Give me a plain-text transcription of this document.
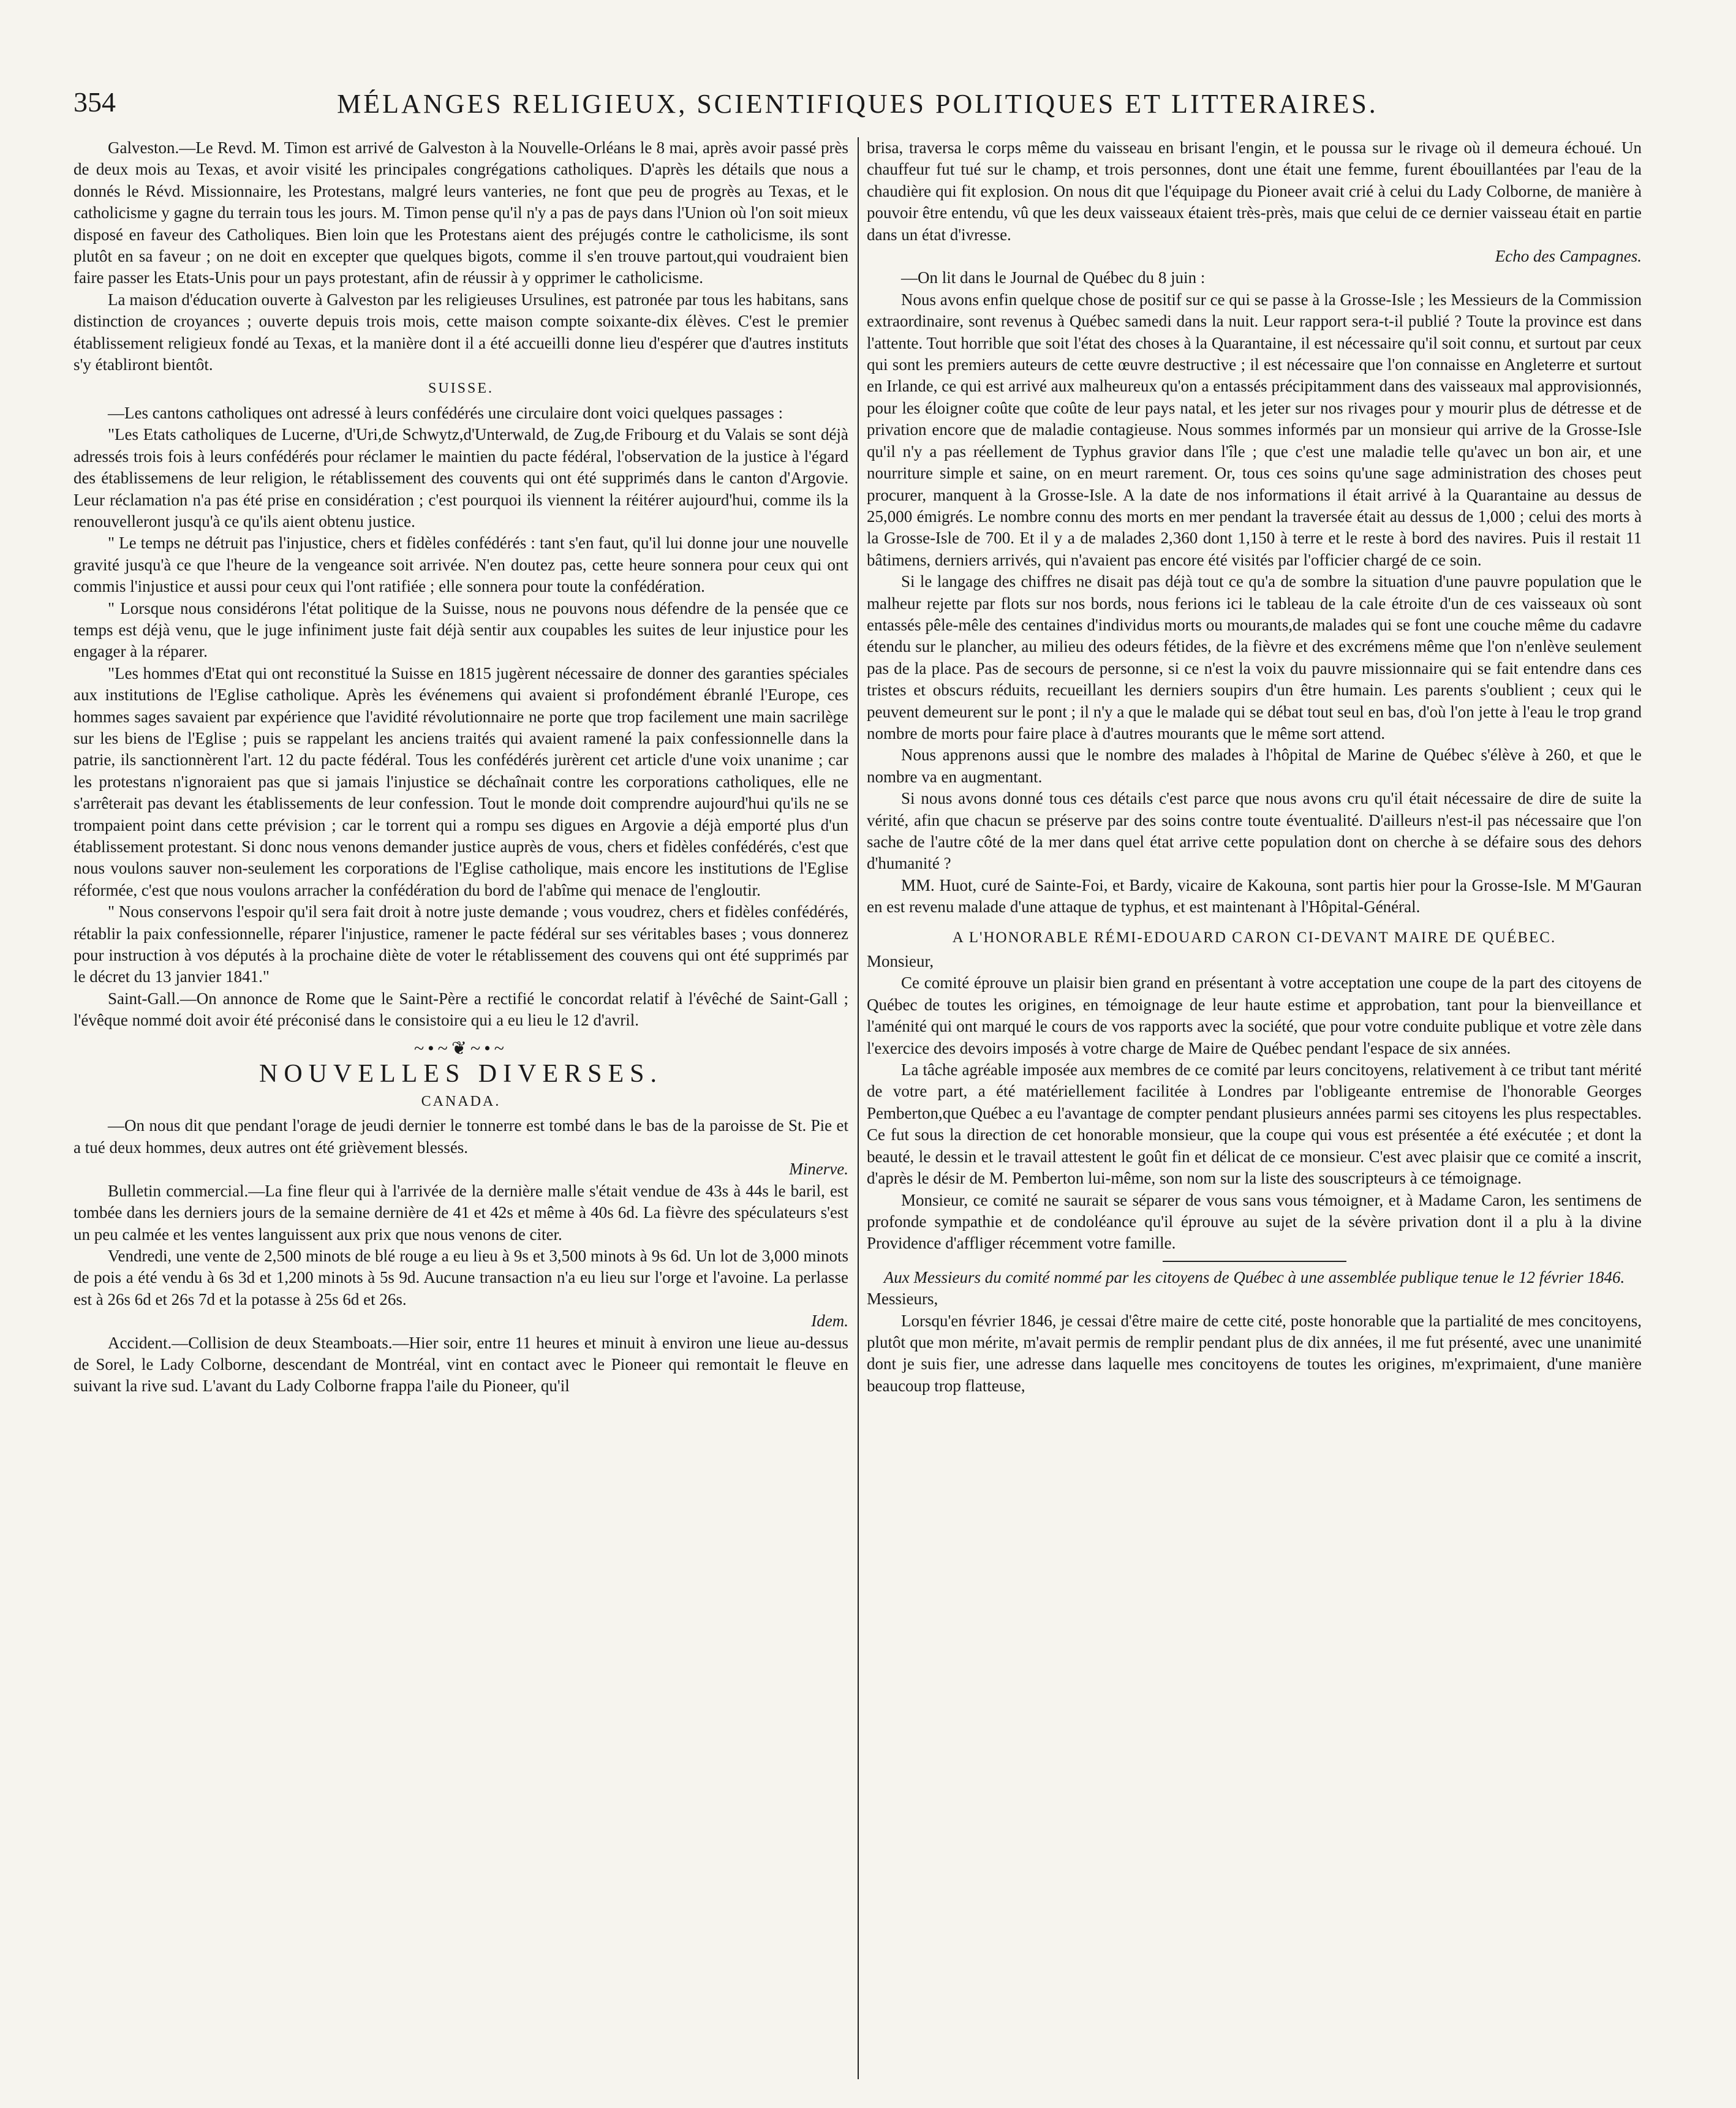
354	MÉLANGES RELIGIEUX, SCIENTIFIQUES POLITIQUES ET LITTERAIRES.

Galveston.—Le Revd. M. Timon est arrivé de Galveston à la Nouvelle-Orléans le 8 mai, après avoir passé près de deux mois au Texas, et avoir visité les principales congrégations catholiques. D'après les détails que nous a donnés le Révd. Missionnaire, les Protestans, malgré leurs vanteries, ne font que peu de progrès au Texas, et le catholicisme y gagne du terrain tous les jours. M. Timon pense qu'il n'y a pas de pays dans l'Union où l'on soit mieux disposé en faveur des Catholiques. Bien loin que les Protestans aient des préjugés contre le catholicisme, ils sont plutôt en sa faveur ; on ne doit en excepter que quelques bigots, comme il s'en trouve partout,qui voudraient bien faire passer les Etats-Unis pour un pays protestant, afin de réussir à y opprimer le catholicisme.

La maison d'éducation ouverte à Galveston par les religieuses Ursulines, est patronée par tous les habitans, sans distinction de croyances ; ouverte depuis trois mois, cette maison compte soixante-dix élèves. C'est le premier établissement religieux fondé au Texas, et la manière dont il a été accueilli donne lieu d'espérer que d'autres instituts s'y établiront bientôt.

SUISSE.

—Les cantons catholiques ont adressé à leurs confédérés une circulaire dont voici quelques passages :

"Les Etats catholiques de Lucerne, d'Uri,de Schwytz,d'Unterwald, de Zug,de Fribourg et du Valais se sont déjà adressés trois fois à leurs confédérés pour réclamer le maintien du pacte fédéral, l'observation de la justice à l'égard des établissemens de leur religion, le rétablissement des couvents qui ont été supprimés dans le canton d'Argovie. Leur réclamation n'a pas été prise en considération ; c'est pourquoi ils viennent la réitérer aujourd'hui, comme ils la renouvelleront jusqu'à ce qu'ils aient obtenu justice.

" Le temps ne détruit pas l'injustice, chers et fidèles confédérés : tant s'en faut, qu'il lui donne jour une nouvelle gravité jusqu'à ce que l'heure de la vengeance soit arrivée. N'en doutez pas, cette heure sonnera pour ceux qui ont commis l'injustice et aussi pour ceux qui l'ont ratifiée ; elle sonnera pour toute la confédération.

" Lorsque nous considérons l'état politique de la Suisse, nous ne pouvons nous défendre de la pensée que ce temps est déjà venu, que le juge infiniment juste fait déjà sentir aux coupables les suites de leur injustice pour les engager à la réparer.

"Les hommes d'Etat qui ont reconstitué la Suisse en 1815 jugèrent nécessaire de donner des garanties spéciales aux institutions de l'Eglise catholique. Après les événemens qui avaient si profondément ébranlé l'Europe, ces hommes sages savaient par expérience que l'avidité révolutionnaire ne porte que trop facilement une main sacrilège sur les biens de l'Eglise ; puis se rappelant les anciens traités qui avaient ramené la paix confessionnelle dans la patrie, ils sanctionnèrent l'art. 12 du pacte fédéral. Tous les confédérés jurèrent cet article d'une voix unanime ; car les protestans n'ignoraient pas que si jamais l'injustice se déchaînait contre les corporations catholiques, elle ne s'arrêterait pas devant les établissements de leur confession. Tout le monde doit comprendre aujourd'hui qu'ils ne se trompaient point dans cette prévision ; car le torrent qui a rompu ses digues en Argovie a déjà emporté plus d'un établissement protestant. Si donc nous venons demander justice auprès de vous, chers et fidèles confédérés, c'est que nous voulons sauver non-seulement les corporations de l'Eglise catholique, mais encore les institutions de l'Eglise réformée, c'est que nous voulons arracher la confédération du bord de l'abîme qui menace de l'engloutir.

" Nous conservons l'espoir qu'il sera fait droit à notre juste demande ; vous voudrez, chers et fidèles confédérés, rétablir la paix confessionnelle, réparer l'injustice, ramener le pacte fédéral sur ses véritables bases ; vous donnerez pour instruction à vos députés à la prochaine diète de voter le rétablissement des couvens qui ont été supprimés par le décret du 13 janvier 1841."

Saint-Gall.—On annonce de Rome que le Saint-Père a rectifié le concordat relatif à l'évêché de Saint-Gall ; l'évêque nommé doit avoir été préconisé dans le consistoire qui a eu lieu le 12 d'avril.

~•~❦~•~
NOUVELLES DIVERSES.
CANADA.

—On nous dit que pendant l'orage de jeudi dernier le tonnerre est tombé dans le bas de la paroisse de St. Pie et a tué deux hommes, deux autres ont été grièvement blessés.

Minerve.

Bulletin commercial.—La fine fleur qui à l'arrivée de la dernière malle s'était vendue de 43s à 44s le baril, est tombée dans les derniers jours de la semaine dernière de 41 et 42s et même à 40s 6d. La fièvre des spéculateurs s'est un peu calmée et les ventes languissent aux prix que nous venons de citer.

Vendredi, une vente de 2,500 minots de blé rouge a eu lieu à 9s et 3,500 minots à 9s 6d. Un lot de 3,000 minots de pois a été vendu à 6s 3d et 1,200 minots à 5s 9d. Aucune transaction n'a eu lieu sur l'orge et l'avoine. La perlasse est à 26s 6d et 26s 7d et la potasse à 25s 6d et 26s.

Idem.

Accident.—Collision de deux Steamboats.—Hier soir, entre 11 heures et minuit à environ une lieue au-dessus de Sorel, le Lady Colborne, descendant de Montréal, vint en contact avec le Pioneer qui remontait le fleuve en suivant la rive sud. L'avant du Lady Colborne frappa l'aile du Pioneer, qu'il

brisa, traversa le corps même du vaisseau en brisant l'engin, et le poussa sur le rivage où il demeura échoué. Un chauffeur fut tué sur le champ, et trois personnes, dont une était une femme, furent ébouillantées par l'eau de la chaudière qui fit explosion. On nous dit que l'équipage du Pioneer avait crié à celui du Lady Colborne, de manière à pouvoir être entendu, vû que les deux vaisseaux étaient très-près, mais que celui de ce dernier vaisseau était en partie dans un état d'ivresse.

Echo des Campagnes.

—On lit dans le Journal de Québec du 8 juin :

Nous avons enfin quelque chose de positif sur ce qui se passe à la Grosse-Isle ; les Messieurs de la Commission extraordinaire, sont revenus à Québec samedi dans la nuit. Leur rapport sera-t-il publié ? Toute la province est dans l'attente. Tout horrible que soit l'état des choses à la Quarantaine, il est nécessaire qu'il soit connu, et surtout par ceux qui sont les premiers auteurs de cette œuvre destructive ; il est nécessaire que l'on connaisse en Angleterre et surtout en Irlande, ce qui est arrivé aux malheureux qu'on a entassés précipitamment dans des vaisseaux mal approvisionnés, pour les éloigner coûte que coûte de leur pays natal, et les jeter sur nos rivages pour y mourir plus de détresse et de privation encore que de maladie contagieuse. Nous sommes informés par un monsieur qui arrive de la Grosse-Isle qu'il n'y a pas réellement de Typhus gravior dans l'île ; que c'est une maladie telle qu'avec un bon air, et une nourriture simple et saine, on en meurt rarement. Or, tous ces soins qu'une sage administration des choses peut procurer, manquent à la Grosse-Isle. A la date de nos informations il était arrivé à la Quarantaine au dessus de 25,000 émigrés. Le nombre connu des morts en mer pendant la traversée était au dessus de 1,000 ; celui des morts à la Grosse-Isle de 700. Et il y a de malades 2,360 dont 1,150 à terre et le reste à bord des navires. Puis il restait 11 bâtimens, derniers arrivés, qui n'avaient pas encore été visités par l'officier chargé de ce soin.

Si le langage des chiffres ne disait pas déjà tout ce qu'a de sombre la situation d'une pauvre population que le malheur rejette par flots sur nos bords, nous ferions ici le tableau de la cale étroite d'un de ces vaisseaux où sont entassés pêle-mêle des centaines d'individus morts ou mourants,de malades qui se font une couche même du cadavre étendu sur le plancher, au milieu des odeurs fétides, de la fièvre et des excrémens même que l'on n'enlève seulement pas de la place. Pas de secours de personne, si ce n'est la voix du pauvre missionnaire qui se fait entendre dans ces tristes et obscurs réduits, recueillant les derniers soupirs d'un être humain. Les parents s'oublient ; ceux qui le peuvent demeurent sur le pont ; il n'y a que le malade qui se débat tout seul en bas, d'où l'on jette à l'eau le trop grand nombre de morts pour faire place à d'autres mourants que le même sort attend.

Nous apprenons aussi que le nombre des malades à l'hôpital de Marine de Québec s'élève à 260, et que le nombre va en augmentant.

Si nous avons donné tous ces détails c'est parce que nous avons cru qu'il était nécessaire de dire de suite la vérité, afin que chacun se préserve par des soins contre toute éventualité. D'ailleurs n'est-il pas nécessaire que l'on sache de l'autre côté de la mer dans quel état arrive cette population dont on cherche à se défaire sous des dehors d'humanité ?

MM. Huot, curé de Sainte-Foi, et Bardy, vicaire de Kakouna, sont partis hier pour la Grosse-Isle. M M'Gauran en est revenu malade d'une attaque de typhus, et est maintenant à l'Hôpital-Général.

A L'HONORABLE RÉMI-EDOUARD CARON CI-DEVANT MAIRE DE QUÉBEC.

Monsieur,

Ce comité éprouve un plaisir bien grand en présentant à votre acceptation une coupe de la part des citoyens de Québec de toutes les origines, en témoignage de leur haute estime et approbation, tant pour la bienveillance et l'aménité qui ont marqué le cours de vos rapports avec la société, que pour votre conduite publique et votre zèle dans l'exercice des devoirs imposés à votre charge de Maire de Québec pendant l'espace de six années.

La tâche agréable imposée aux membres de ce comité par leurs concitoyens, relativement à ce tribut tant mérité de votre part, a été matériellement facilitée à Londres par l'obligeante entremise de l'honorable Georges Pemberton,que Québec a eu l'avantage de compter pendant plusieurs années parmi ses citoyens les plus respectables. Ce fut sous la direction de cet honorable monsieur, que la coupe qui vous est présentée a été exécutée ; et dont la beauté, le dessin et le travail attestent le goût fin et délicat de ce monsieur. C'est avec plaisir que ce comité a inscrit, d'après le désir de M. Pemberton lui-même, son nom sur la liste des souscripteurs à ce témoignage.

Monsieur, ce comité ne saurait se séparer de vous sans vous témoigner, et à Madame Caron, les sentimens de profonde sympathie et de condoléance qu'il éprouve au sujet de la sévère privation dont il a plu à la divine Providence d'affliger récemment votre famille.

Aux Messieurs du comité nommé par les citoyens de Québec à une assemblée publique tenue le 12 février 1846.

Messieurs,

Lorsqu'en février 1846, je cessai d'être maire de cette cité, poste honorable que la partialité de mes concitoyens, plutôt que mon mérite, m'avait permis de remplir pendant plus de dix années, il me fut présenté, avec une unanimité dont je suis fier, une adresse dans laquelle mes concitoyens de toutes les origines, m'exprimaient, d'une manière beaucoup trop flatteuse,
